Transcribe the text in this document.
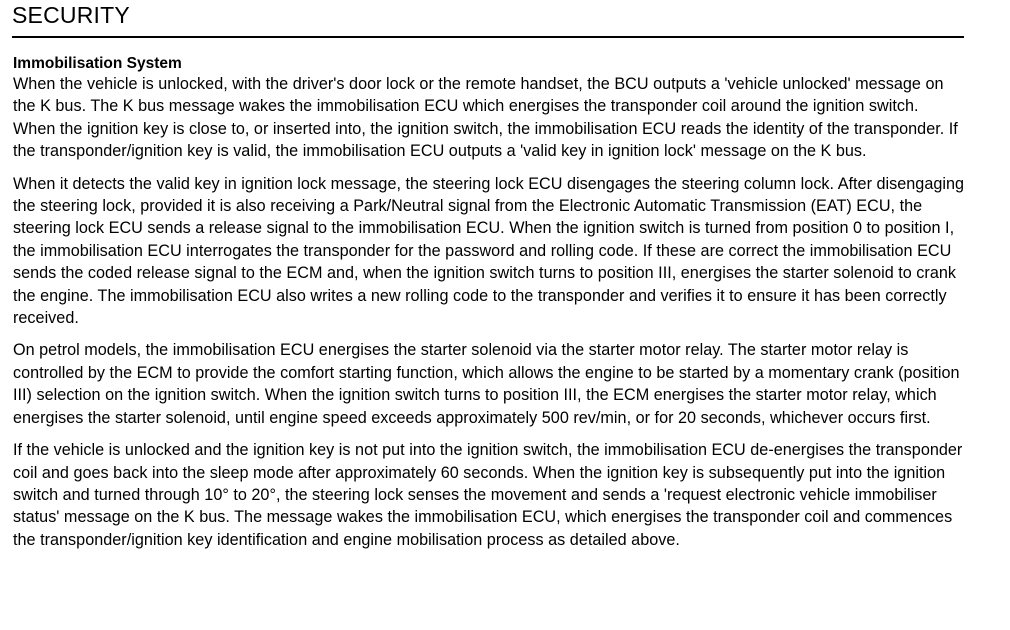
SECURITY
Immobilisation System

When the vehicle is unlocked, with the driver's door lock or the remote handset, the BCU outputs a 'vehicle unlocked' message on the K bus. The K bus message wakes the immobilisation ECU which energises the transponder coil around the ignition switch. When the ignition key is close to, or inserted into, the ignition switch, the immobilisation ECU reads the identity of the transponder. If the transponder/ignition key is valid, the immobilisation ECU outputs a 'valid key in ignition lock' message on the K bus.

When it detects the valid key in ignition lock message, the steering lock ECU disengages the steering column lock. After disengaging the steering lock, provided it is also receiving a Park/Neutral signal from the Electronic Automatic Transmission (EAT) ECU, the steering lock ECU sends a release signal to the immobilisation ECU. When the ignition switch is turned from position 0 to position I, the immobilisation ECU interrogates the transponder for the password and rolling code. If these are correct the immobilisation ECU sends the coded release signal to the ECM and, when the ignition switch turns to position III, energises the starter solenoid to crank the engine. The immobilisation ECU also writes a new rolling code to the transponder and verifies it to ensure it has been correctly received.

On petrol models, the immobilisation ECU energises the starter solenoid via the starter motor relay. The starter motor relay is controlled by the ECM to provide the comfort starting function, which allows the engine to be started by a momentary crank (position III) selection on the ignition switch. When the ignition switch turns to position III, the ECM energises the starter motor relay, which energises the starter solenoid, until engine speed exceeds approximately 500 rev/min, or for 20 seconds, whichever occurs first.

If the vehicle is unlocked and the ignition key is not put into the ignition switch, the immobilisation ECU de-energises the transponder coil and goes back into the sleep mode after approximately 60 seconds. When the ignition key is subsequently put into the ignition switch and turned through 10° to 20°, the steering lock senses the movement and sends a 'request electronic vehicle immobiliser status' message on the K bus. The message wakes the immobilisation ECU, which energises the transponder coil and commences the transponder/ignition key identification and engine mobilisation process as detailed above.
